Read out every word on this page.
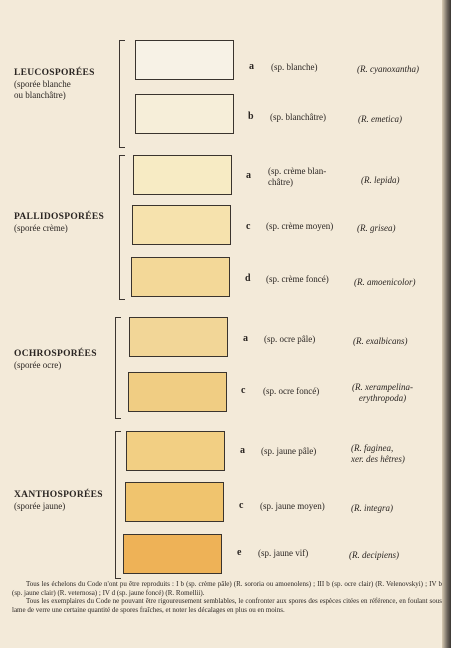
LEUCOSPORÉES
(sporée blanche
ou blanchâtre)
PALLIDOSPORÉES
(sporée crème)
OCHROSPORÉES
(sporée ocre)
XANTHOSPORÉES
(sporée jaune)
a (sp. blanche)	(R. cyanoxantha)
b (sp. blanchâtre)	(R. emetica)
a (sp. crème blan-
châtre)	(R. lepida)
c (sp. crème moyen)	(R. grisea)
d (sp. crème foncé)	(R. amoenicolor)
a (sp. ocre pâle)	(R. exalbicans)
c (sp. ocre foncé)	(R. xerampelina-
erythropoda)
a (sp. jaune pâle)	(R. faginea,
xer. des hêtres)
c (sp. jaune moyen)	(R. integra)
e (sp. jaune vif)	(R. decipiens)

Tous les échelons du Code n'ont pu être reproduits : I b (sp. crème pâle) (R. sororia ou amoenolens) ; III b (sp. ocre clair) (R. Velenovskyi) ; IV b (sp. jaune clair) (R. veternosa) ; IV d (sp. jaune foncé) (R. Romellii).

Tous les exemplaires du Code ne pouvant être rigoureusement semblables, le confronter aux spores des espèces citées en référence, en foulant sous lame de verre une certaine quantité de spores fraîches, et noter les décalages en plus ou en moins.
